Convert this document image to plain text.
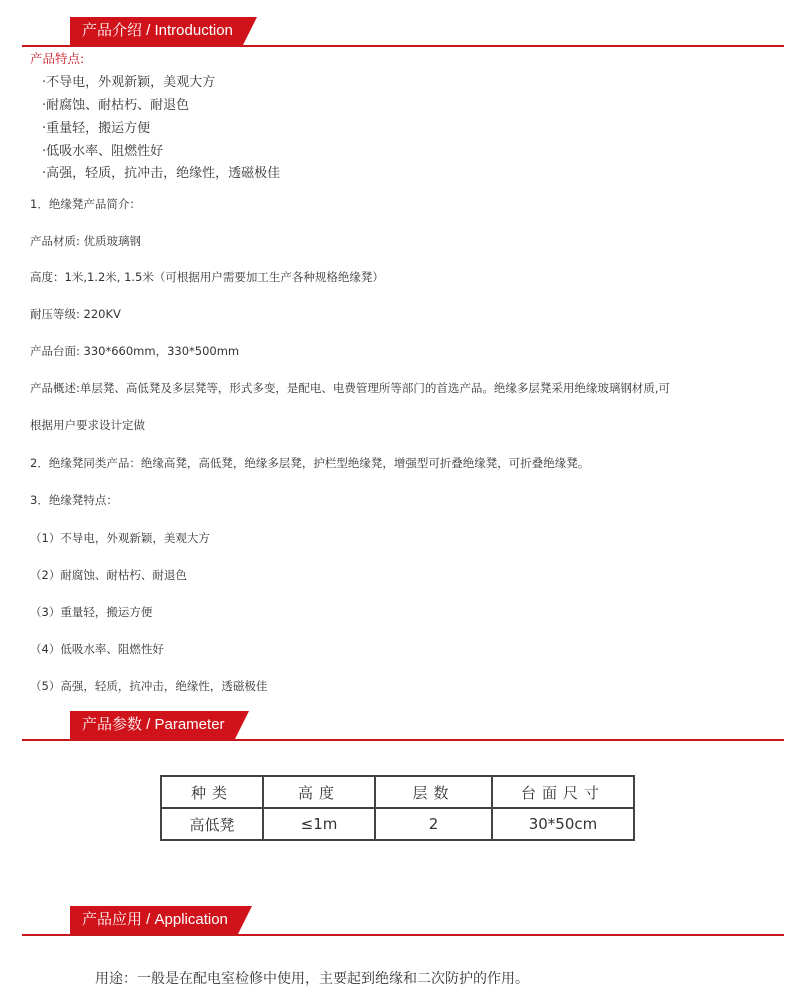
产品介绍 / Introduction
产品特点:
·不导电，外观新颖，美观大方
·耐腐蚀、耐枯朽、耐退色
·重量轻，搬运方便
·低吸水率、阻燃性好
·高强，轻质，抗冲击，绝缘性，透磁极佳
1．绝缘凳产品简介：
产品材质: 优质玻璃钢
高度：1米,1.2米, 1.5米（可根据用户需要加工生产各种规格绝缘凳）
耐压等级: 220KV
产品台面: 330*660mm，330*500mm
产品概述:单层凳、高低凳及多层凳等，形式多变，是配电、电费管理所等部门的首选产品。绝缘多层凳采用绝缘玻璃钢材质,可
根据用户要求设计定做
2．绝缘凳同类产品：绝缘高凳，高低凳，绝缘多层凳，护栏型绝缘凳，增强型可折叠绝缘凳，可折叠绝缘凳。
3．绝缘凳特点：
（1）不导电，外观新颖，美观大方
（2）耐腐蚀、耐枯朽、耐退色
（3）重量轻，搬运方便
（4）低吸水率、阻燃性好
（5）高强，轻质，抗冲击，绝缘性，透磁极佳
产品参数 / Parameter
种类	高度	层数	台面尺寸
高低凳	≤1m	2	30*50cm
产品应用 / Application
用途：一般是在配电室检修中使用，主要起到绝缘和二次防护的作用。
